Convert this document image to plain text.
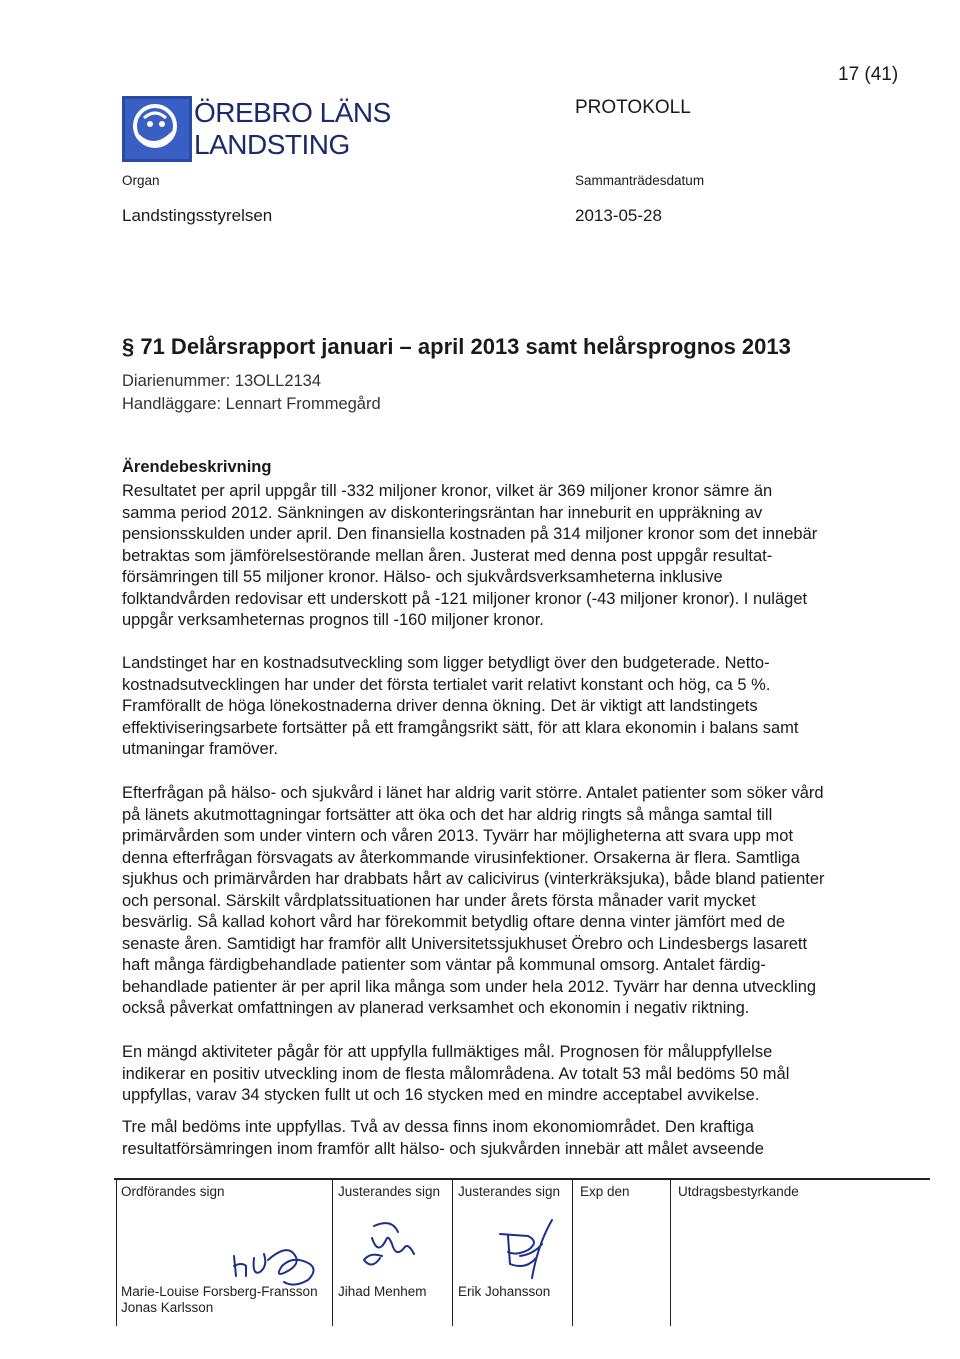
17 (41)
ÖREBRO LÄNS
LANDSTING
PROTOKOLL
Organ
Landstingsstyrelsen
Sammanträdesdatum
2013-05-28
§ 71 Delårsrapport januari – april 2013 samt helårsprognos 2013
Diarienummer: 13OLL2134
Handläggare: Lennart Frommegård
Ärendebeskrivning

Resultatet per april uppgår till -332 miljoner kronor, vilket är 369 miljoner kronor sämre än

samma period 2012. Sänkningen av diskonteringsräntan har inneburit en uppräkning av

pensionsskulden under april. Den finansiella kostnaden på 314 miljoner kronor som det innebär

betraktas som jämförelsestörande mellan åren. Justerat med denna post uppgår resultat-

försämringen till 55 miljoner kronor. Hälso- och sjukvårdsverksamheterna inklusive

folktandvården redovisar ett underskott på -121 miljoner kronor (-43 miljoner kronor). I nuläget

uppgår verksamheternas prognos till -160 miljoner kronor.

Landstinget har en kostnadsutveckling som ligger betydligt över den budgeterade. Netto-

kostnadsutvecklingen har under det första tertialet varit relativt konstant och hög, ca 5 %.

Framförallt de höga lönekostnaderna driver denna ökning. Det är viktigt att landstingets

effektiviseringsarbete fortsätter på ett framgångsrikt sätt, för att klara ekonomin i balans samt

utmaningar framöver.

Efterfrågan på hälso- och sjukvård i länet har aldrig varit större. Antalet patienter som söker vård

på länets akutmottagningar fortsätter att öka och det har aldrig ringts så många samtal till

primärvården som under vintern och våren 2013. Tyvärr har möjligheterna att svara upp mot

denna efterfrågan försvagats av återkommande virusinfektioner. Orsakerna är flera. Samtliga

sjukhus och primärvården har drabbats hårt av calicivirus (vinterkräksjuka), både bland patienter

och personal. Särskilt vårdplatssituationen har under årets första månader varit mycket

besvärlig. Så kallad kohort vård har förekommit betydlig oftare denna vinter jämfört med de

senaste åren. Samtidigt har framför allt Universitetssjukhuset Örebro och Lindesbergs lasarett

haft många färdigbehandlade patienter som väntar på kommunal omsorg. Antalet färdig-

behandlade patienter är per april lika många som under hela 2012. Tyvärr har denna utveckling

också påverkat omfattningen av planerad verksamhet och ekonomin i negativ riktning.

En mängd aktiviteter pågår för att uppfylla fullmäktiges mål. Prognosen för måluppfyllelse

indikerar en positiv utveckling inom de flesta målområdena. Av totalt 53 mål bedöms 50 mål

uppfyllas, varav 34 stycken fullt ut och 16 stycken med en mindre acceptabel avvikelse.

Tre mål bedöms inte uppfyllas. Två av dessa finns inom ekonomiområdet. Den kraftiga

resultatförsämringen inom framför allt hälso- och sjukvården innebär att målet avseende

Ordförandes sign	Justerandes sign Justerandes sign Exp den	Utdragsbestyrkande
Marie-Louise Forsberg-Fransson
Jonas Karlsson
Jihad Menhem Erik Johansson
